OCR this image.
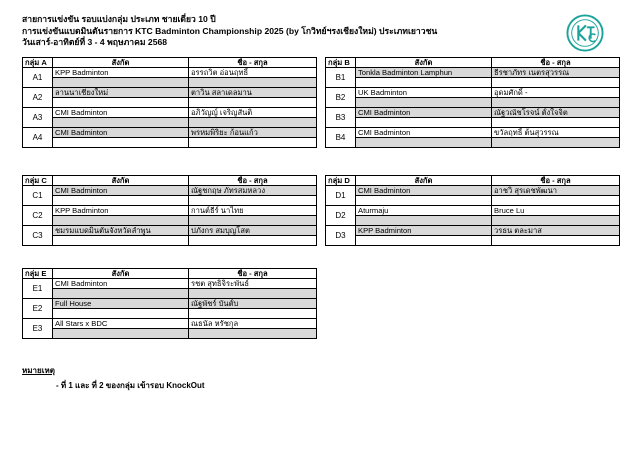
สายการแข่งขัน รอบแบ่งกลุ่ม ประเภท ชายเดี่ยว 10 ปี
การแข่งขันแบดมินตันรายการ KTC Badminton Championship 2025 (by โกวิทย์ฯรงเชียงใหม่) ประเภทเยาวชน
วันเสาร์-อาทิตย์ที่ 3 - 4 พฤษภาคม 2568
กลุ่ม A	สังกัด	ชื่อ - สกุล
A1	KPP Badminton	อรรถวิต อ่อนฤทธิ์

A2	ลานนาเชียงใหม่	ตาวิน สลาเดลมาน

A3	CMI Badminton	อภิวัญญ์ เจริญสันติ

A4	CMI Badminton	พรหมพิริยะ ก้อนแก้ว

กลุ่ม B	สังกัด	ชื่อ - สกุล
B1	Tonkla Badminton Lamphun	ธีรชาภัทร เนตรสุวรรณ

B2	UK Badminton	อุดมศักดิ์ -

B3	CMI Badminton	ณัฐวณัชโรจน์ ตั้งใจจิต

B4	CMI Badminton	ขวัลฤทธิ์ ต้นสุวรรณ

กลุ่ม C	สังกัด	ชื่อ - สกุล
C1	CMI Badminton	ณัฐชกฤษ ภัทรสมหลวง

C2	KPP Badminton	กานต์ธีร์ นาไทย

C3	ชมรมแบดมินตันจังหวัดลำพูน	ปภังกร สมบุญโสต

กลุ่ม D	สังกัด	ชื่อ - สกุล
D1	CMI Badminton	อาชวิ สุรเดชพัฒนา

D2	Aturmaju	Bruce Lu

D3	KPP Badminton	วรธน ตละมาส

กลุ่ม E	สังกัด	ชื่อ - สกุล
E1	CMI Badminton	รชต สุทธิจิระพันธ์

E2	Full House	ณัฐพัชร์ บันตั้บ

E3	All Stars x BDC	ณธนัล หรัชกุล

หมายเหตุ
- ที่ 1 และ ที่ 2 ของกลุ่ม เข้ารอบ KnockOut
